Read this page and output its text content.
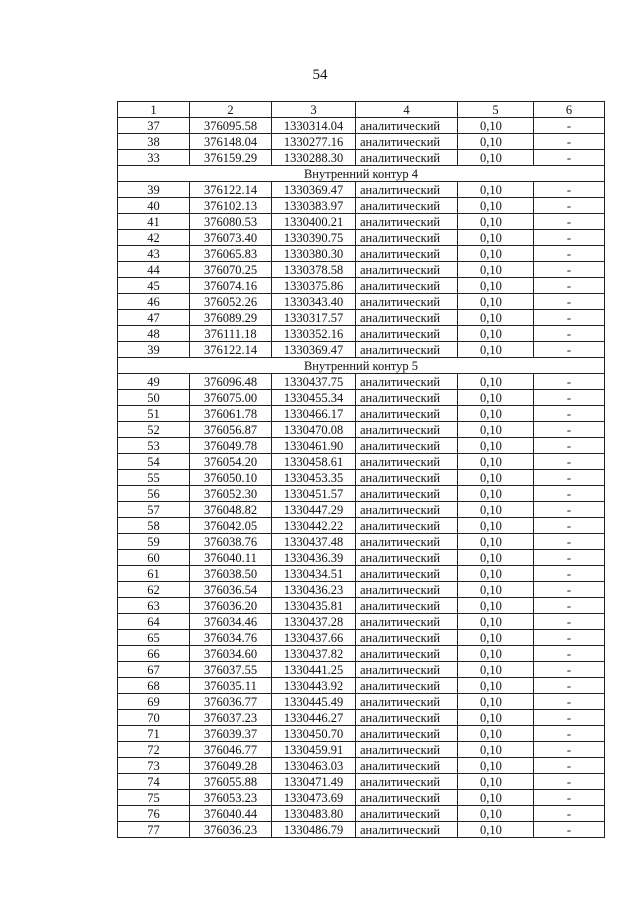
54
1	2	3	4	5	6
37	376095.58	1330314.04	аналитический	0,10	-
38	376148.04	1330277.16	аналитический	0,10	-
33	376159.29	1330288.30	аналитический	0,10	-
Внутренний контур 4					
39	376122.14	1330369.47	аналитический	0,10	-
40	376102.13	1330383.97	аналитический	0,10	-
41	376080.53	1330400.21	аналитический	0,10	-
42	376073.40	1330390.75	аналитический	0,10	-
43	376065.83	1330380.30	аналитический	0,10	-
44	376070.25	1330378.58	аналитический	0,10	-
45	376074.16	1330375.86	аналитический	0,10	-
46	376052.26	1330343.40	аналитический	0,10	-
47	376089.29	1330317.57	аналитический	0,10	-
48	376111.18	1330352.16	аналитический	0,10	-
39	376122.14	1330369.47	аналитический	0,10	-
Внутренний контур 5					
49	376096.48	1330437.75	аналитический	0,10	-
50	376075.00	1330455.34	аналитический	0,10	-
51	376061.78	1330466.17	аналитический	0,10	-
52	376056.87	1330470.08	аналитический	0,10	-
53	376049.78	1330461.90	аналитический	0,10	-
54	376054.20	1330458.61	аналитический	0,10	-
55	376050.10	1330453.35	аналитический	0,10	-
56	376052.30	1330451.57	аналитический	0,10	-
57	376048.82	1330447.29	аналитический	0,10	-
58	376042.05	1330442.22	аналитический	0,10	-
59	376038.76	1330437.48	аналитический	0,10	-
60	376040.11	1330436.39	аналитический	0,10	-
61	376038.50	1330434.51	аналитический	0,10	-
62	376036.54	1330436.23	аналитический	0,10	-
63	376036.20	1330435.81	аналитический	0,10	-
64	376034.46	1330437.28	аналитический	0,10	-
65	376034.76	1330437.66	аналитический	0,10	-
66	376034.60	1330437.82	аналитический	0,10	-
67	376037.55	1330441.25	аналитический	0,10	-
68	376035.11	1330443.92	аналитический	0,10	-
69	376036.77	1330445.49	аналитический	0,10	-
70	376037.23	1330446.27	аналитический	0,10	-
71	376039.37	1330450.70	аналитический	0,10	-
72	376046.77	1330459.91	аналитический	0,10	-
73	376049.28	1330463.03	аналитический	0,10	-
74	376055.88	1330471.49	аналитический	0,10	-
75	376053.23	1330473.69	аналитический	0,10	-
76	376040.44	1330483.80	аналитический	0,10	-
77	376036.23	1330486.79	аналитический	0,10	-
